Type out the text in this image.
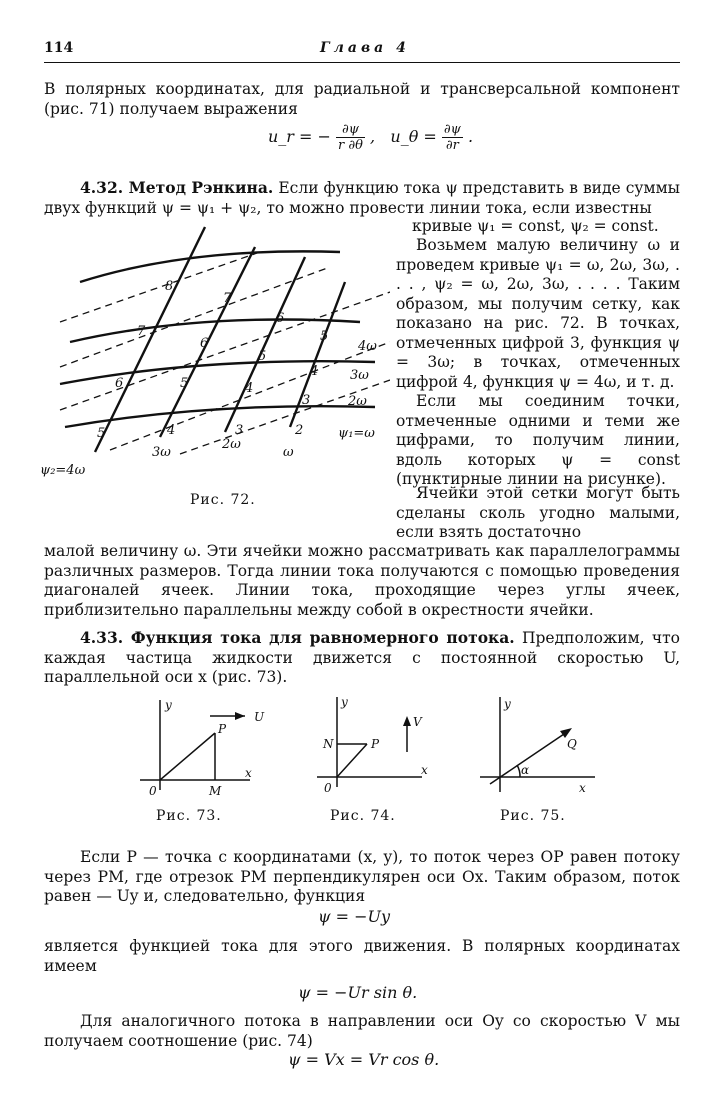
114	Глава 4
В полярных координатах, для радиальной и трансверсальной компонент (рис. 71) получаем выражения
u_r = − $\frac{\partial\psi}{r \partial\theta}$ , u_θ = $\frac{\partial\psi}{\partial r}$ .
4.32. Метод Рэнкина. Если функцию тока ψ представить в виде суммы двух функций ψ = ψ₁ + ψ₂, то можно провести линии тока, если известны
кривые ψ₁ = const, ψ₂ = const.
Возьмем малую величину ω и проведем кривые ψ₁ = ω, 2ω, 3ω, . . . , ψ₂ = ω, 2ω, 3ω, . . . . Таким образом, мы получим сетку, как показано на рис. 72. В точках, отмеченных цифрой 3, функция ψ = 3ω; в точках, отмеченных цифрой 4, функция ψ = 4ω, и т. д.
Если мы соединим точки, отмеченные одними и теми же цифрами, то получим линии, вдоль которых ψ = const (пунктирные линии на рисунке).
Ячейки этой сетки могут быть сделаны сколь угодно малыми, если взять достаточно
малой величину ω. Эти ячейки можно рассматривать как параллелограммы различных размеров. Тогда линии тока получаются с помощью проведения диагоналей ячеек. Линии тока, проходящие через углы ячеек, приблизительно параллельны между собой в окрестности ячейки.
8
7
6
5
7
6
5
4
6	5	4
3
5	4	3	2
4ω
3ω
2ω
ψ₁=ω
3ω
2ω
ω
ψ₂=4ω
Рис. 72.
4.33. Функция тока для равномерного потока. Предположим, что каждая частица жидкости движется с постоянной скоростью U, параллельной оси x (рис. 73).
y
x
0	M
P
U
Рис. 73.
y
x
0
N	P
V
Рис. 74.
y
x
Q
α
Рис. 75.
Если P — точка с координатами (x, y), то поток через OP равен потоку через PM, где отрезок PM перпендикулярен оси Ox. Таким образом, поток равен — Uy и, следовательно, функция
ψ = −Uy
является функцией тока для этого движения. В полярных координатах имеем
ψ = −Ur sin θ.
Для аналогичного потока в направлении оси Oy со скоростью V мы получаем соотношение (рис. 74)
ψ = Vx = Vr cos θ.
